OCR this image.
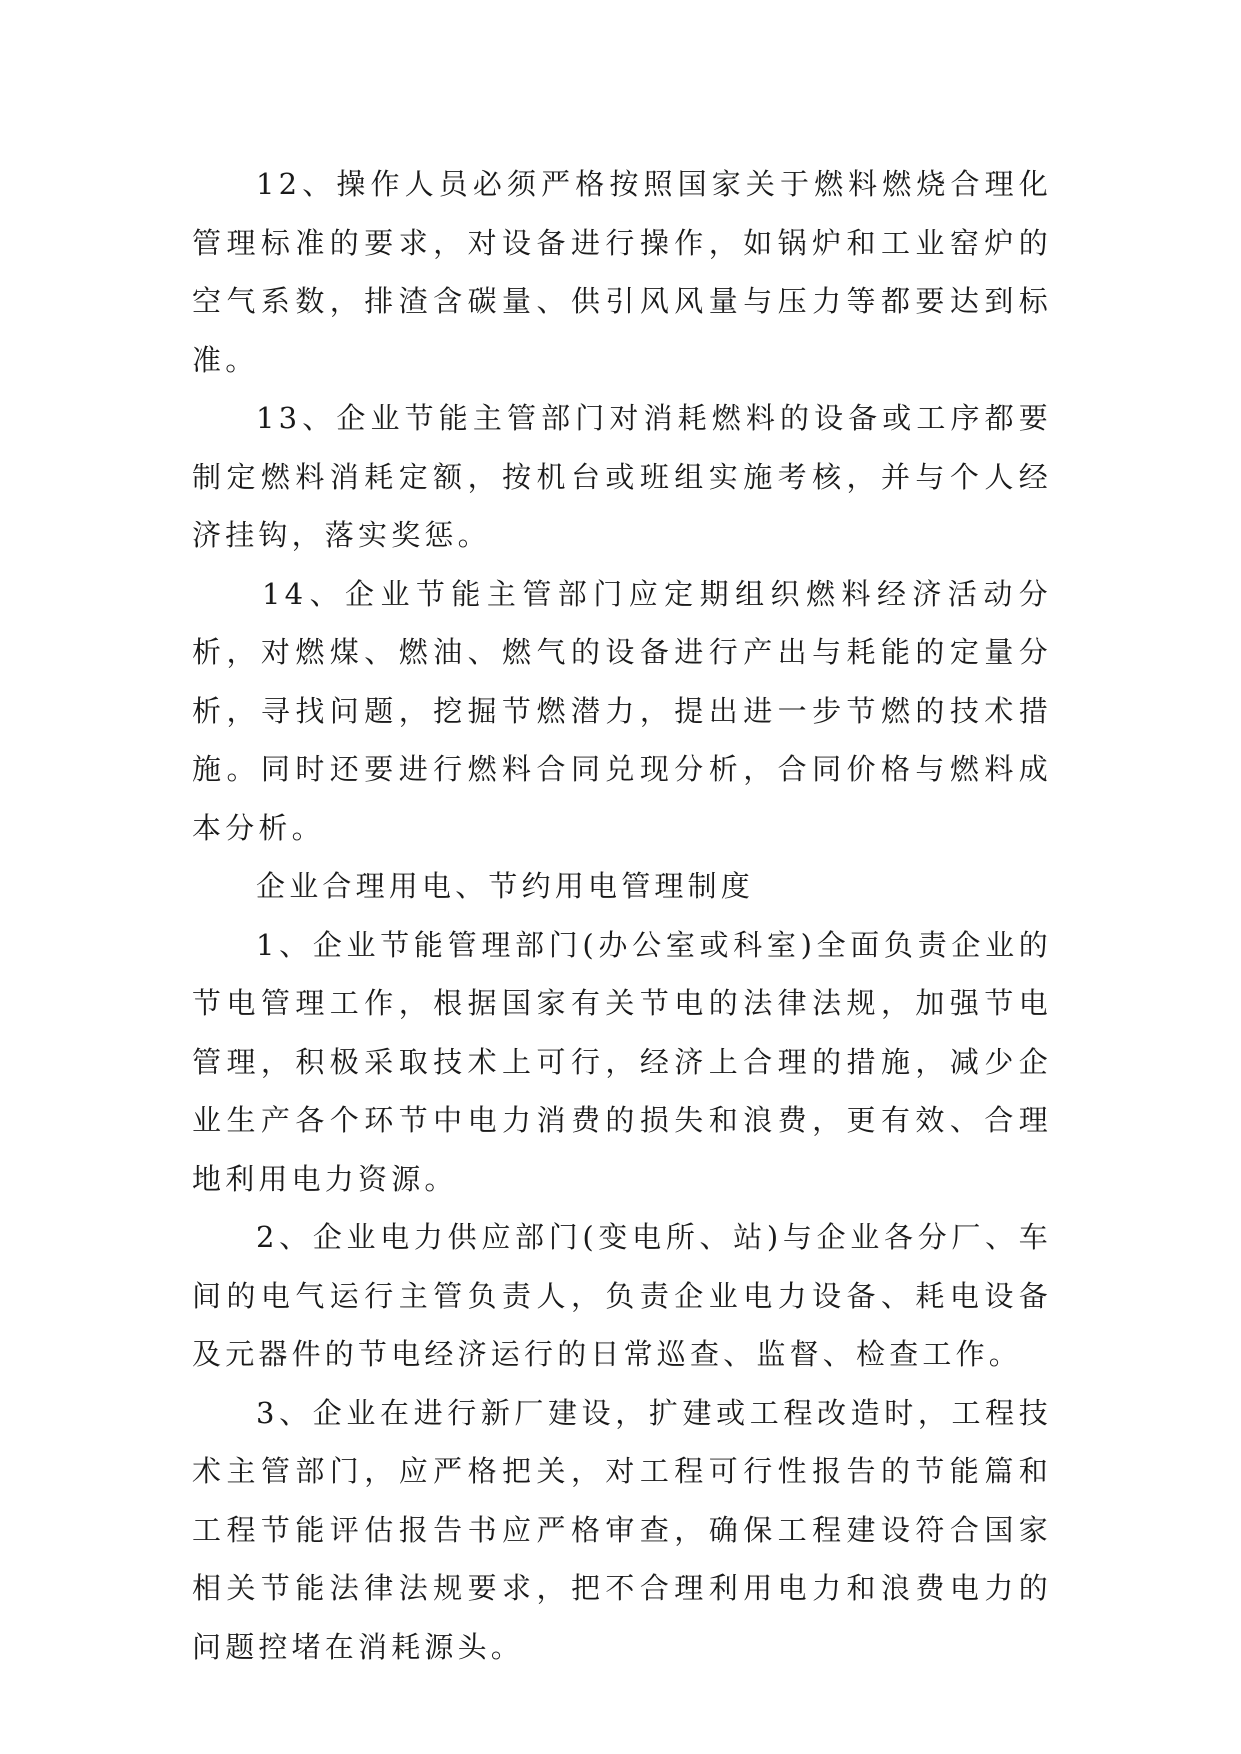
12、操作人员必须严格按照国家关于燃料燃烧合理化管理标准的要求，对设备进行操作，如锅炉和工业窑炉的空气系数，排渣含碳量、供引风风量与压力等都要达到标准。

13、企业节能主管部门对消耗燃料的设备或工序都要制定燃料消耗定额，按机台或班组实施考核，并与个人经济挂钩，落实奖惩。

14、企业节能主管部门应定期组织燃料经济活动分析，对燃煤、燃油、燃气的设备进行产出与耗能的定量分析，寻找问题，挖掘节燃潜力，提出进一步节燃的技术措施。同时还要进行燃料合同兑现分析，合同价格与燃料成本分析。

企业合理用电、节约用电管理制度

1、企业节能管理部门(办公室或科室)全面负责企业的节电管理工作，根据国家有关节电的法律法规，加强节电管理，积极采取技术上可行，经济上合理的措施，减少企业生产各个环节中电力消费的损失和浪费，更有效、合理地利用电力资源。

2、企业电力供应部门(变电所、站)与企业各分厂、车间的电气运行主管负责人，负责企业电力设备、耗电设备及元器件的节电经济运行的日常巡查、监督、检查工作。

3、企业在进行新厂建设，扩建或工程改造时，工程技术主管部门，应严格把关，对工程可行性报告的节能篇和工程节能评估报告书应严格审查，确保工程建设符合国家相关节能法律法规要求，把不合理利用电力和浪费电力的问题控堵在消耗源头。
